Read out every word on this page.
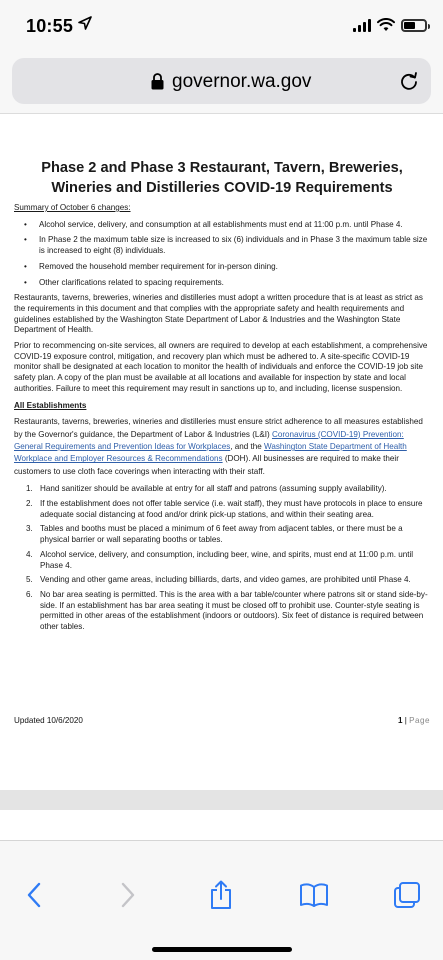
10:55
governor.wa.gov
Phase 2 and Phase 3 Restaurant, Tavern, Breweries, Wineries and Distilleries COVID-19 Requirements
Summary of October 6 changes:
• Alcohol service, delivery, and consumption at all establishments must end at 11:00 p.m. until Phase 4.
• In Phase 2 the maximum table size is increased to six (6) individuals and in Phase 3 the maximum table size is increased to eight (8) individuals.
• Removed the household member requirement for in-person dining.
• Other clarifications related to spacing requirements.

Restaurants, taverns, breweries, wineries and distilleries must adopt a written procedure that is at least as strict as the requirements in this document and that complies with the appropriate safety and health requirements and guidelines established by the Washington State Department of Labor & Industries and the Washington State Department of Health.

Prior to recommencing on-site services, all owners are required to develop at each establishment, a comprehensive COVID-19 exposure control, mitigation, and recovery plan which must be adhered to. A site-specific COVID-19 monitor shall be designated at each location to monitor the health of individuals and enforce the COVID-19 job site safety plan. A copy of the plan must be available at all locations and available for inspection by state and local authorities. Failure to meet this requirement may result in sanctions up to, and including, license suspension.

All Establishments

Restaurants, taverns, breweries, wineries and distilleries must ensure strict adherence to all measures established by the Governor's guidance, the Department of Labor & Industries (L&I) Coronavirus (COVID-19) Prevention: General Requirements and Prevention Ideas for Workplaces, and the Washington State Department of Health Workplace and Employer Resources & Recommendations (DOH). All businesses are required to make their customers to use cloth face coverings when interacting with their staff.

1. Hand sanitizer should be available at entry for all staff and patrons (assuming supply availability).
2. If the establishment does not offer table service (i.e. wait staff), they must have protocols in place to ensure adequate social distancing at food and/or drink pick-up stations, and within their seating area.
3. Tables and booths must be placed a minimum of 6 feet away from adjacent tables, or there must be a physical barrier or wall separating booths or tables.
4. Alcohol service, delivery, and consumption, including beer, wine, and spirits, must end at 11:00 p.m. until Phase 4.
5. Vending and other game areas, including billiards, darts, and video games, are prohibited until Phase 4.
6. No bar area seating is permitted. This is the area with a bar table/counter where patrons sit or stand side-by-side. If an establishment has bar area seating it must be closed off to prohibit use. Counter-style seating is permitted in other areas of the establishment (indoors or outdoors). Six feet of distance is required between other tables.
Updated 10/6/2020	1 | Page
